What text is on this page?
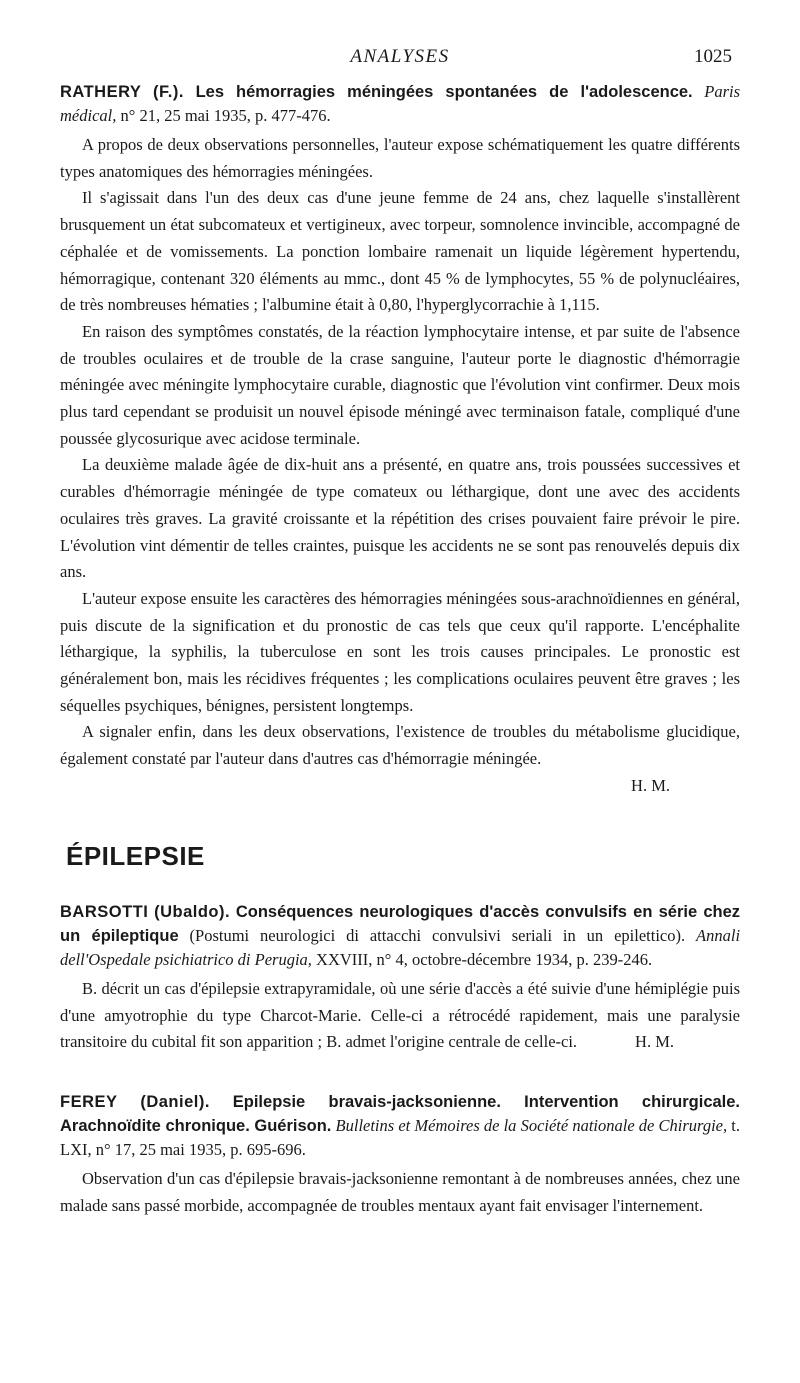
ANALYSES	1025

RATHERY (F.). Les hémorragies méningées spontanées de l'adolescence. Paris médical, n° 21, 25 mai 1935, p. 477-476.

A propos de deux observations personnelles, l'auteur expose schématiquement les quatre différents types anatomiques des hémorragies méningées.

Il s'agissait dans l'un des deux cas d'une jeune femme de 24 ans, chez laquelle s'installèrent brusquement un état subcomateux et vertigineux, avec torpeur, somnolence invincible, accompagné de céphalée et de vomissements. La ponction lombaire ramenait un liquide légèrement hypertendu, hémorragique, contenant 320 éléments au mmc., dont 45 % de lymphocytes, 55 % de polynucléaires, de très nombreuses hématies ; l'albumine était à 0,80, l'hyperglycorrachie à 1,115.

En raison des symptômes constatés, de la réaction lymphocytaire intense, et par suite de l'absence de troubles oculaires et de trouble de la crase sanguine, l'auteur porte le diagnostic d'hémorragie méningée avec méningite lymphocytaire curable, diagnostic que l'évolution vint confirmer. Deux mois plus tard cependant se produisit un nouvel épisode méningé avec terminaison fatale, compliqué d'une poussée glycosurique avec acidose terminale.

La deuxième malade âgée de dix-huit ans a présenté, en quatre ans, trois poussées successives et curables d'hémorragie méningée de type comateux ou léthargique, dont une avec des accidents oculaires très graves. La gravité croissante et la répétition des crises pouvaient faire prévoir le pire. L'évolution vint démentir de telles craintes, puisque les accidents ne se sont pas renouvelés depuis dix ans.

L'auteur expose ensuite les caractères des hémorragies méningées sous-arachnoïdiennes en général, puis discute de la signification et du pronostic de cas tels que ceux qu'il rapporte. L'encéphalite léthargique, la syphilis, la tuberculose en sont les trois causes principales. Le pronostic est généralement bon, mais les récidives fréquentes ; les complications oculaires peuvent être graves ; les séquelles psychiques, bénignes, persistent longtemps.

A signaler enfin, dans les deux observations, l'existence de troubles du métabolisme glucidique, également constaté par l'auteur dans d'autres cas d'hémorragie méningée.

H. M.
ÉPILEPSIE

BARSOTTI (Ubaldo). Conséquences neurologiques d'accès convulsifs en série chez un épileptique (Postumi neurologici di attacchi convulsivi seriali in un epilettico). Annali dell'Ospedale psichiatrico di Perugia, XXVIII, n° 4, octobre-décembre 1934, p. 239-246.

B. décrit un cas d'épilepsie extrapyramidale, où une série d'accès a été suivie d'une hémiplégie puis d'une amyotrophie du type Charcot-Marie. Celle-ci a rétrocédé rapidement, mais une paralysie transitoire du cubital fit son apparition ; B. admet l'origine centrale de celle-ci.	H. M.

FEREY (Daniel). Epilepsie bravais-jacksonienne. Intervention chirurgicale. Arachnoïdite chronique. Guérison. Bulletins et Mémoires de la Société nationale de Chirurgie, t. LXI, n° 17, 25 mai 1935, p. 695-696.

Observation d'un cas d'épilepsie bravais-jacksonienne remontant à de nombreuses années, chez une malade sans passé morbide, accompagnée de troubles mentaux ayant fait envisager l'internement.
